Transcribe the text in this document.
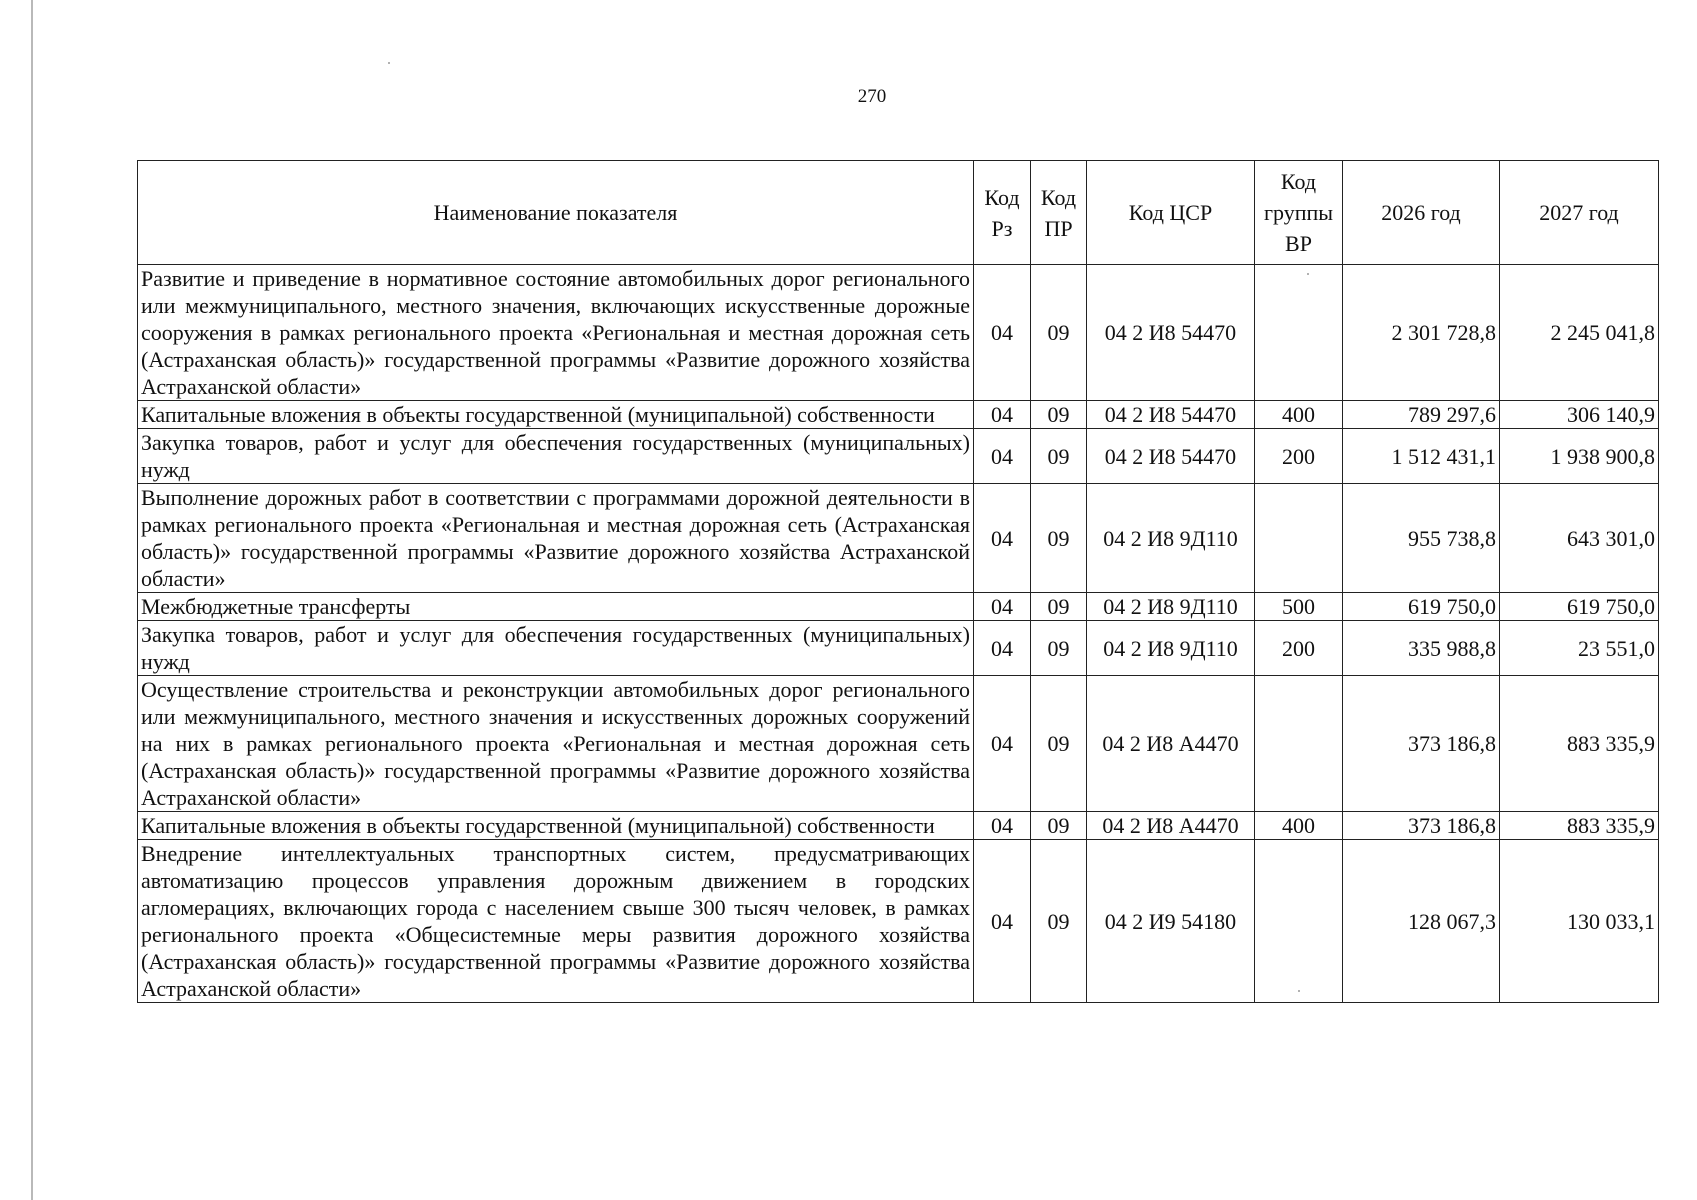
270
Наименование показателя	Код Рз	Код ПР	Код ЦСР	Код группы ВР	2026 год	2027 год
Развитие и приведение в нормативное состояние автомобильных дорог регионального или межмуниципального, местного значения, включающих искусственные дорожные сооружения в рамках регионального проекта «Региональная и местная дорожная сеть (Астраханская область)» государственной программы «Развитие дорожного хозяйства Астраханской области»	04	09	04 2 И8 54470		2 301 728,8	2 245 041,8
Капитальные вложения в объекты государственной (муниципальной) собственности	04	09	04 2 И8 54470	400	789 297,6	306 140,9
Закупка товаров, работ и услуг для обеспечения государственных (муниципальных) нужд	04	09	04 2 И8 54470	200	1 512 431,1	1 938 900,8
Выполнение дорожных работ в соответствии с программами дорожной деятельности в рамках регионального проекта «Региональная и местная дорожная сеть (Астраханская область)» государственной программы «Развитие дорожного хозяйства Астраханской области»	04	09	04 2 И8 9Д110		955 738,8	643 301,0
Межбюджетные трансферты	04	09	04 2 И8 9Д110	500	619 750,0	619 750,0
Закупка товаров, работ и услуг для обеспечения государственных (муниципальных) нужд	04	09	04 2 И8 9Д110	200	335 988,8	23 551,0
Осуществление строительства и реконструкции автомобильных дорог регионального или межмуниципального, местного значения и искусственных дорожных сооружений на них в рамках регионального проекта «Региональная и местная дорожная сеть (Астраханская область)» государственной программы «Развитие дорожного хозяйства Астраханской области»	04	09	04 2 И8 А4470		373 186,8	883 335,9
Капитальные вложения в объекты государственной (муниципальной) собственности	04	09	04 2 И8 А4470	400	373 186,8	883 335,9
Внедрение интеллектуальных транспортных систем, предусматривающих автоматизацию процессов управления дорожным движением в городских агломерациях, включающих города с населением свыше 300 тысяч человек, в рамках регионального проекта «Общесистемные меры развития дорожного хозяйства (Астраханская область)» государственной программы «Развитие дорожного хозяйства Астраханской области»	04	09	04 2 И9 54180		128 067,3	130 033,1
